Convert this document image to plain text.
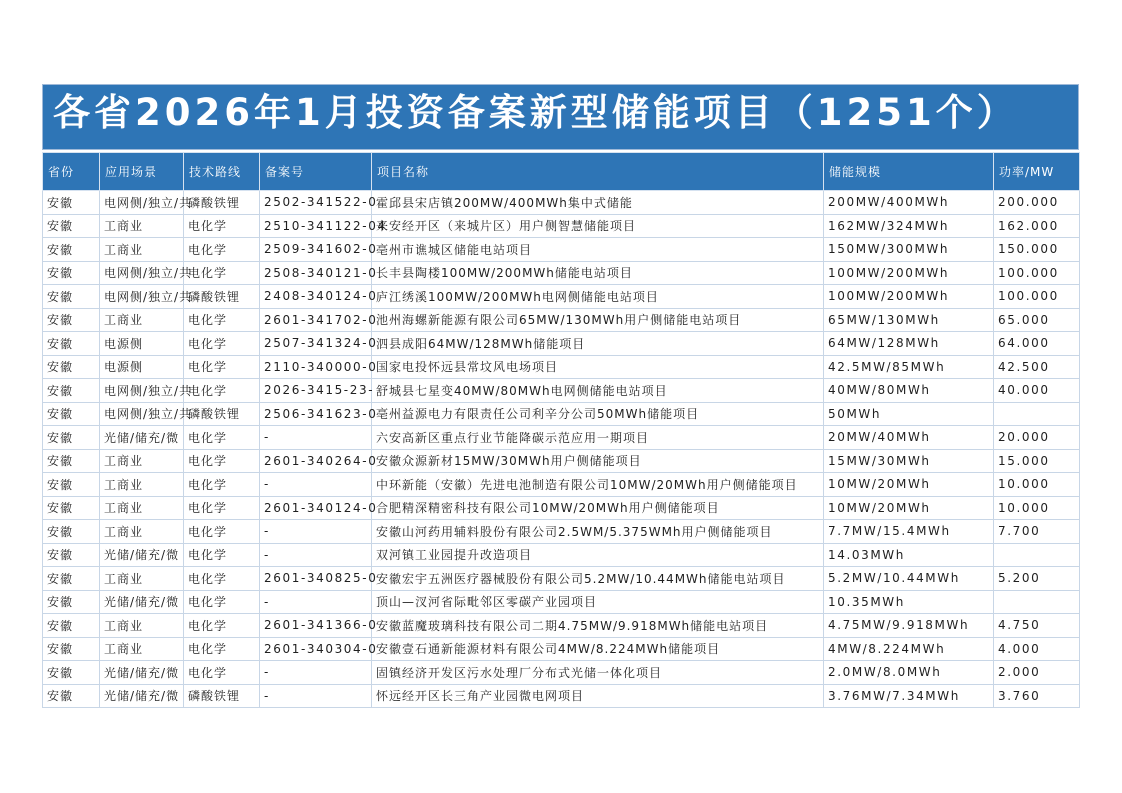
各省2026年1月投资备案新型储能项目（1251个）
省份	应用场景	技术路线	备案号	项目名称	储能规模	功率/MW
安徽	电网侧/独立/共	磷酸铁锂	2502-341522-0	霍邱县宋店镇200MW/400MWh集中式储能	200MW/400MWh	200.000
安徽	工商业	电化学	2510-341122-04	来安经开区（来城片区）用户侧智慧储能项目	162MW/324MWh	162.000
安徽	工商业	电化学	2509-341602-0	亳州市谯城区储能电站项目	150MW/300MWh	150.000
安徽	电网侧/独立/共	电化学	2508-340121-0	长丰县陶楼100MW/200MWh储能电站项目	100MW/200MWh	100.000
安徽	电网侧/独立/共	磷酸铁锂	2408-340124-0	庐江绣溪100MW/200MWh电网侧储能电站项目	100MW/200MWh	100.000
安徽	工商业	电化学	2601-341702-0	池州海螺新能源有限公司65MW/130MWh用户侧储能电站项目	65MW/130MWh	65.000
安徽	电源侧	电化学	2507-341324-0	泗县成阳64MW/128MWh储能项目	64MW/128MWh	64.000
安徽	电源侧	电化学	2110-340000-0	国家电投怀远县常坟风电场项目	42.5MW/85MWh	42.500
安徽	电网侧/独立/共	电化学	2026-3415-23-	舒城县七星变40MW/80MWh电网侧储能电站项目	40MW/80MWh	40.000
安徽	电网侧/独立/共	磷酸铁锂	2506-341623-0	亳州益源电力有限责任公司利辛分公司50MWh储能项目	50MWh	
安徽	光储/储充/微	电化学	-	六安高新区重点行业节能降碳示范应用一期项目	20MW/40MWh	20.000
安徽	工商业	电化学	2601-340264-0	安徽众源新材15MW/30MWh用户侧储能项目	15MW/30MWh	15.000
安徽	工商业	电化学	-	中环新能（安徽）先进电池制造有限公司10MW/20MWh用户侧储能项目	10MW/20MWh	10.000
安徽	工商业	电化学	2601-340124-0	合肥精深精密科技有限公司10MW/20MWh用户侧储能项目	10MW/20MWh	10.000
安徽	工商业	电化学	-	安徽山河药用辅料股份有限公司2.5WM/5.375WMh用户侧储能项目	7.7MW/15.4MWh	7.700
安徽	光储/储充/微	电化学	-	双河镇工业园提升改造项目	14.03MWh	
安徽	工商业	电化学	2601-340825-0	安徽宏宇五洲医疗器械股份有限公司5.2MW/10.44MWh储能电站项目	5.2MW/10.44MWh	5.200
安徽	光储/储充/微	电化学	-	顶山—汊河省际毗邻区零碳产业园项目	10.35MWh	
安徽	工商业	电化学	2601-341366-0	安徽蓝魔玻璃科技有限公司二期4.75MW/9.918MWh储能电站项目	4.75MW/9.918MWh	4.750
安徽	工商业	电化学	2601-340304-0	安徽壹石通新能源材料有限公司4MW/8.224MWh储能项目	4MW/8.224MWh	4.000
安徽	光储/储充/微	电化学	-	固镇经济开发区污水处理厂分布式光储一体化项目	2.0MW/8.0MWh	2.000
安徽	光储/储充/微	磷酸铁锂	-	怀远经开区长三角产业园微电网项目	3.76MW/7.34MWh	3.760
